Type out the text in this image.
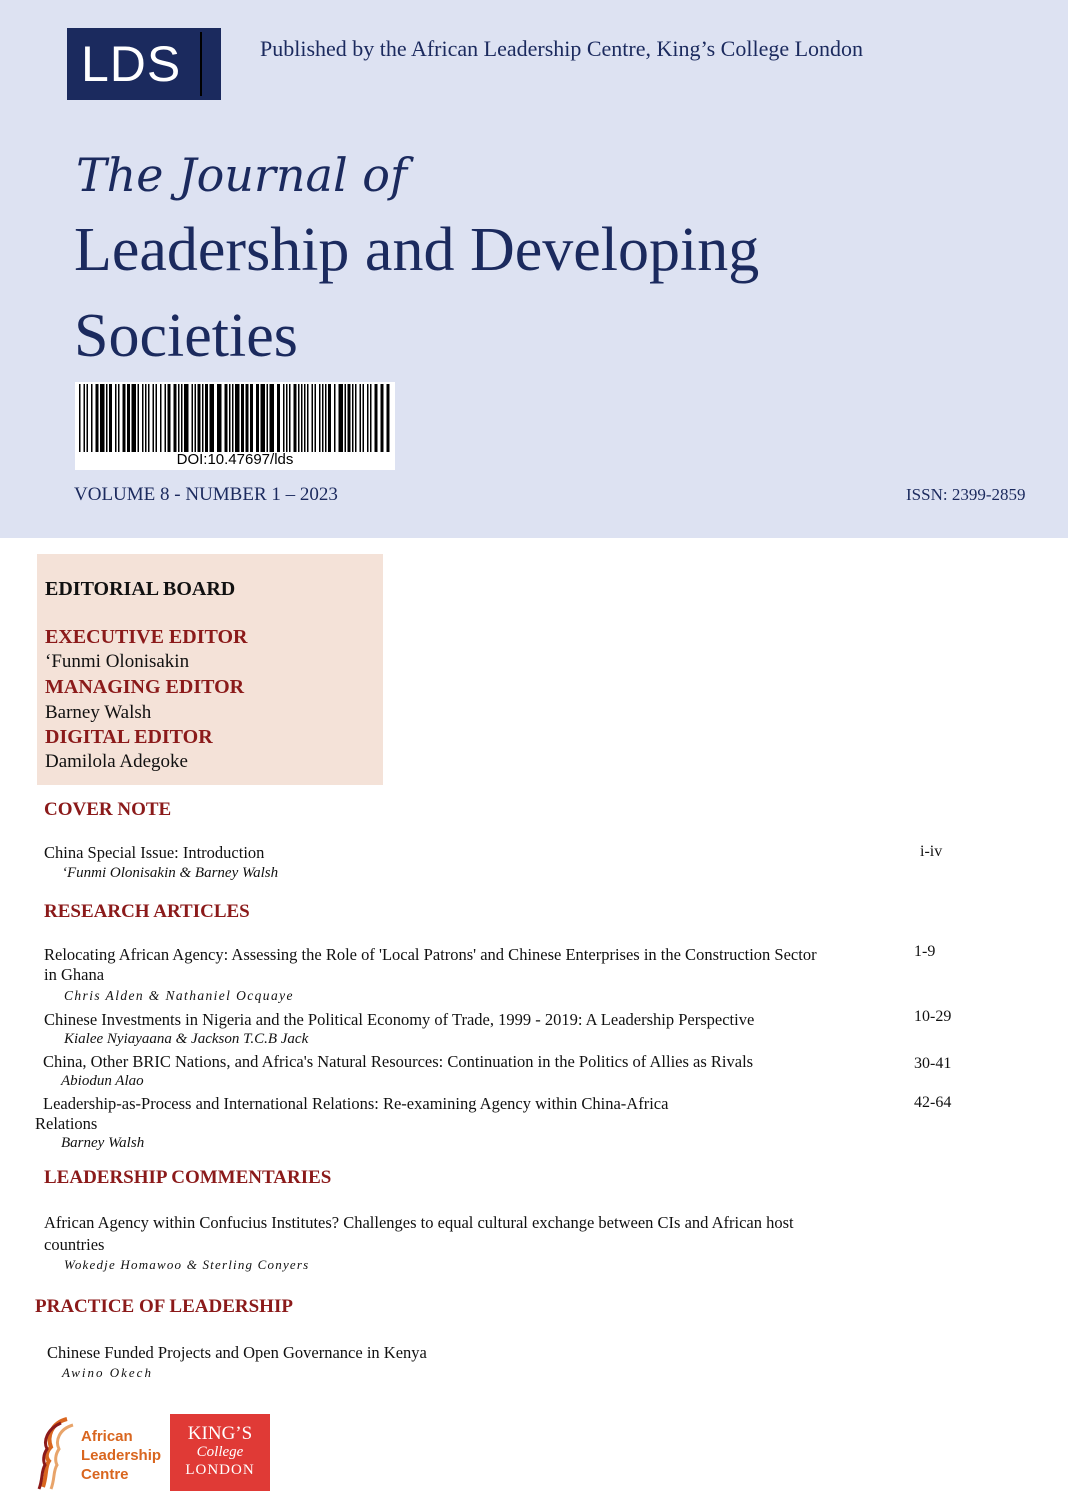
LDS	Published by the African Leadership Centre, King’s College London
The Journal of
Leadership and Developing
Societies
DOI:10.47697/lds
VOLUME 8 - NUMBER 1 – 2023	ISSN: 2399-2859
EDITORIAL BOARD
EXECUTIVE EDITOR
‘Funmi Olonisakin
MANAGING EDITOR
Barney Walsh
DIGITAL EDITOR
Damilola Adegoke
COVER NOTE
China Special Issue: Introduction
‘Funmi Olonisakin & Barney Walsh
i-iv
RESEARCH ARTICLES
Relocating African Agency: Assessing the Role of 'Local Patrons' and Chinese Enterprises in the Construction Sector
in Ghana
Chris Alden & Nathaniel Ocquaye
1-9
Chinese Investments in Nigeria and the Political Economy of Trade, 1999 - 2019: A Leadership Perspective
Kialee Nyiayaana & Jackson T.C.B Jack
10-29
China, Other BRIC Nations, and Africa's Natural Resources: Continuation in the Politics of Allies as Rivals
Abiodun Alao
30-41
Leadership-as-Process and International Relations: Re-examining Agency within China-Africa
Relations
Barney Walsh
42-64
LEADERSHIP COMMENTARIES
African Agency within Confucius Institutes? Challenges to equal cultural exchange between CIs and African host
countries
Wokedje Homawoo & Sterling Conyers
PRACTICE OF LEADERSHIP
Chinese Funded Projects and Open Governance in Kenya
Awino Okech
African
Leadership
Centre
KING’S
College
LONDON
